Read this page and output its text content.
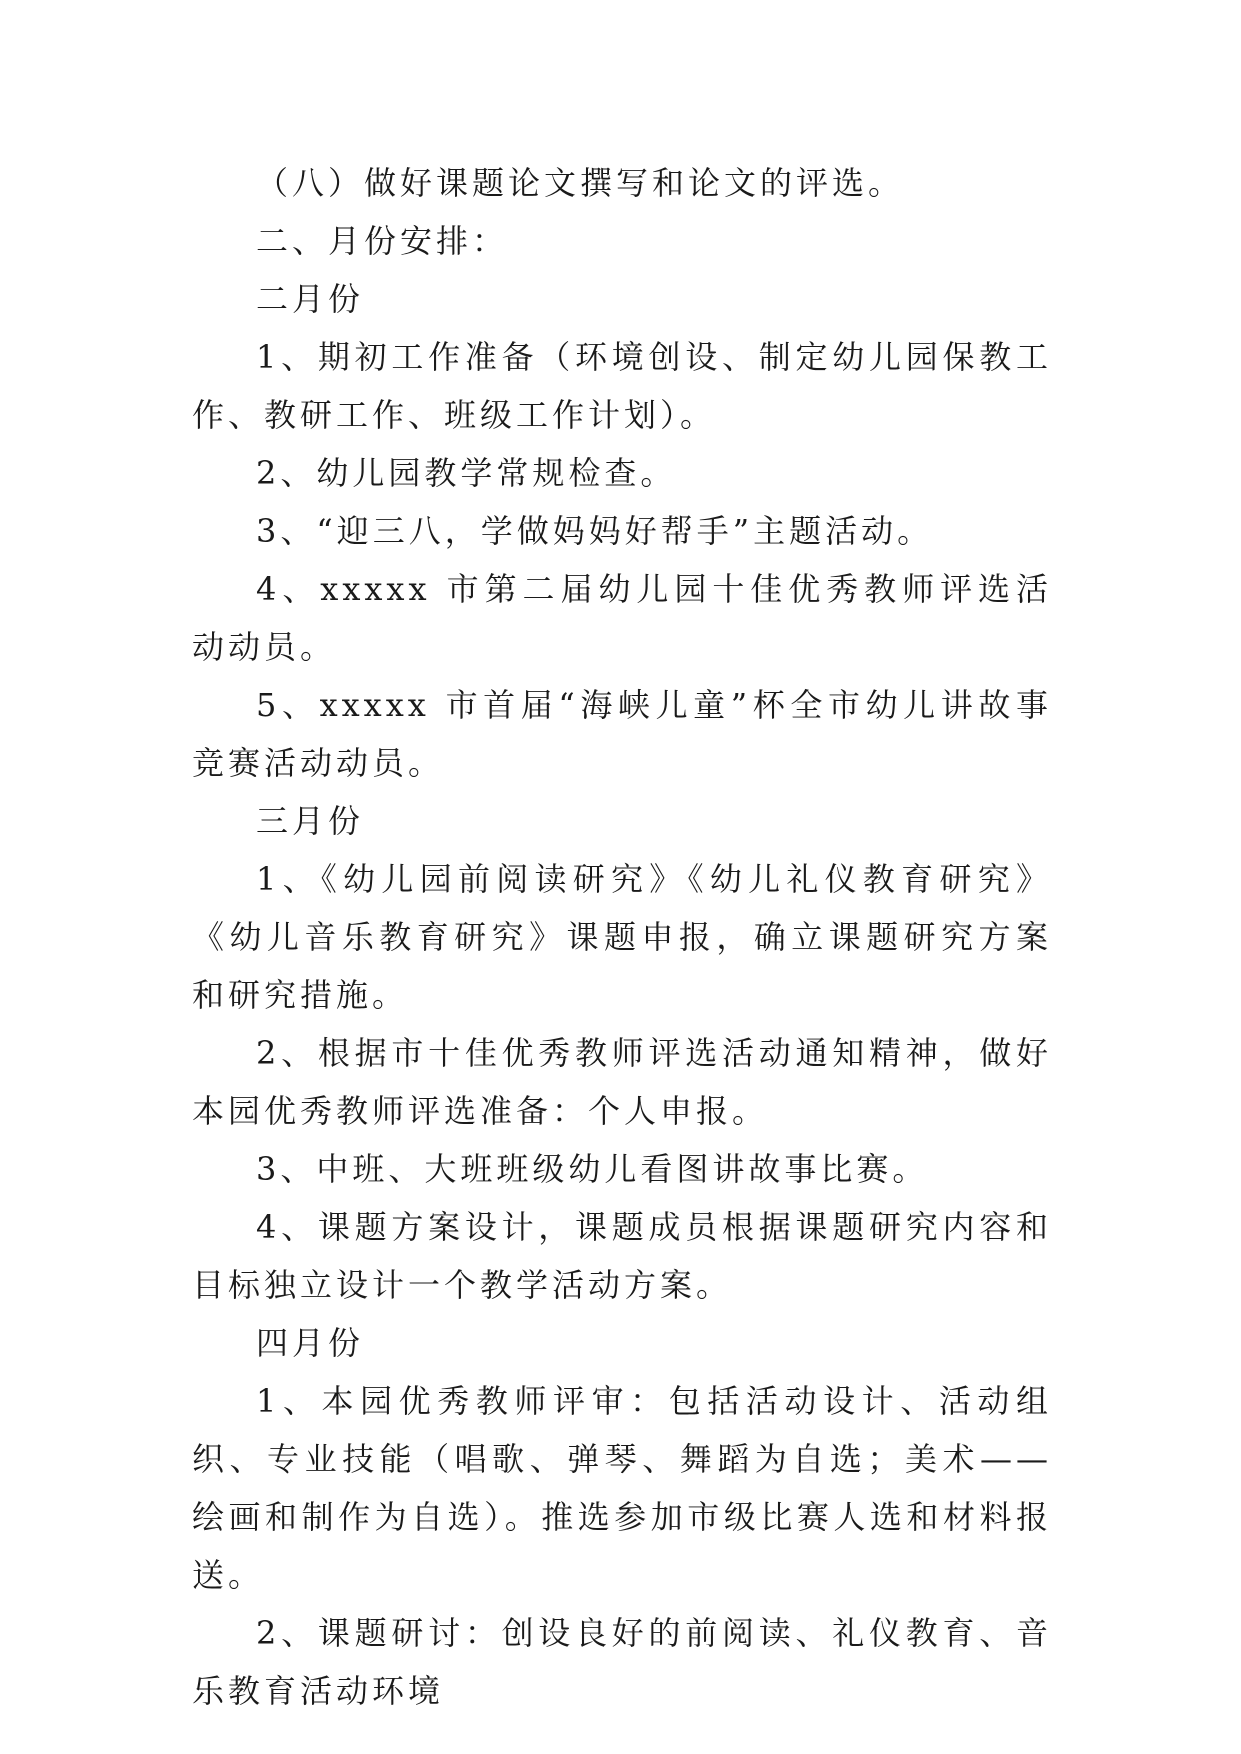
（八）做好课题论文撰写和论文的评选。

二、月份安排：

二月份

1、期初工作准备（环境创设、制定幼儿园保教工作、教研工作、班级工作计划）。

2、幼儿园教学常规检查。

3、“迎三八，学做妈妈好帮手”主题活动。

4、xxxxx 市第二届幼儿园十佳优秀教师评选活动动员。

5、xxxxx 市首届“海峡儿童”杯全市幼儿讲故事竞赛活动动员。

三月份

1、《幼儿园前阅读研究》《幼儿礼仪教育研究》《幼儿音乐教育研究》课题申报，确立课题研究方案和研究措施。

2、根据市十佳优秀教师评选活动通知精神，做好本园优秀教师评选准备：个人申报。

3、中班、大班班级幼儿看图讲故事比赛。

4、课题方案设计，课题成员根据课题研究内容和目标独立设计一个教学活动方案。

四月份

1、本园优秀教师评审：包括活动设计、活动组织、专业技能（唱歌、弹琴、舞蹈为自选；美术——绘画和制作为自选）。推选参加市级比赛人选和材料报送。

2、课题研讨：创设良好的前阅读、礼仪教育、音乐教育活动环境
